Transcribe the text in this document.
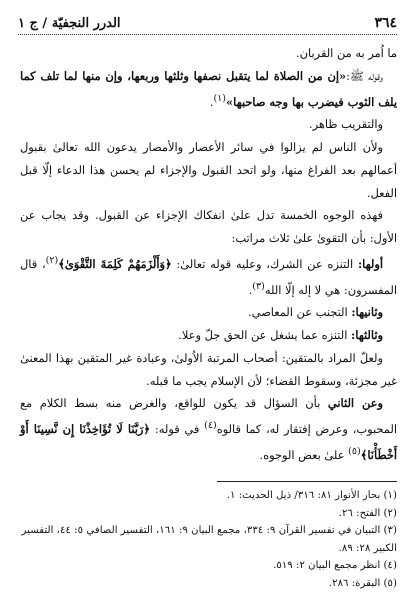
٣٦٤
الدرر النجفيّة / ج ١

ما اُمر به من القربان.

وقوله ﷺ:«إن من الصلاة لما يتقبل نصفها وثلثها وربعها، وإن منها لما تلف كما يلف الثوب فيضرب بها وجه صاحبها»$^{(١)}$.

والتقريب ظاهر.

ولأن الناس لم يزالوا في سائر الأعصار والأمصار يدعون الله تعالىٰ بقبول أعمالهم بعد الفراغ منها، ولو اتحد القبول والإجزاء لم يحسن هذا الدعاء إلّا قبل الفعل.

فهذه الوجوه الخمسة تدل علىٰ انفكاك الإجزاء عن القبول. وقد يجاب عن الأول: بأن التقوىٰ علىٰ ثلاث مراتب:

أولها: التنزه عن الشرك، وعليه قوله تعالىٰ: ﴿وَأَلْزَمَهُمْ كَلِمَةَ التَّقْوَىٰ﴾$^{(٢)}$، قال المفسرون: هي لا إله إلّا الله$^{(٣)}$.

وثانيها: التجنب عن المعاصي.

وثالثها: التنزه عما يشغل عن الحق جلّ وعلا.

ولعلّ المراد بالمتقين: أصحاب المرتبة الاُولىٰ، وعبادة غير المتقين بهذا المعنىٰ غير مجزئة، وسقوط القضاء؛ لأن الإسلام يجب ما قبله.

وعن الثاني بأن السؤال قد يكون للواقع، والغرض منه بسط الكلام مع المحبوب، وعرض إفتقار له، كما قالوه$^{(٤)}$ في قوله: ﴿رَبَّنَا لَا تُؤَاخِذْنَا إِن نَّسِينَا أَوْ أَخْطَأْنَا﴾$^{(٥)}$ علىٰ بعض الوجوه.

(١) بحار الأنوار ٨١: ٣١٦/ ذيل الحديث: ١.

(٢) الفتح: ٢٦.

(٣) التبيان في تفسير القرآن ٩: ٣٣٤، مجمع البيان ٩: ١٦١، التفسير الصافي ٥: ٤٤، التفسير الكبير ٢٨: ٨٩.

(٤) انظر مجمع البيان ٢: ٥١٩.

(٥) البقرة: ٢٨٦.
